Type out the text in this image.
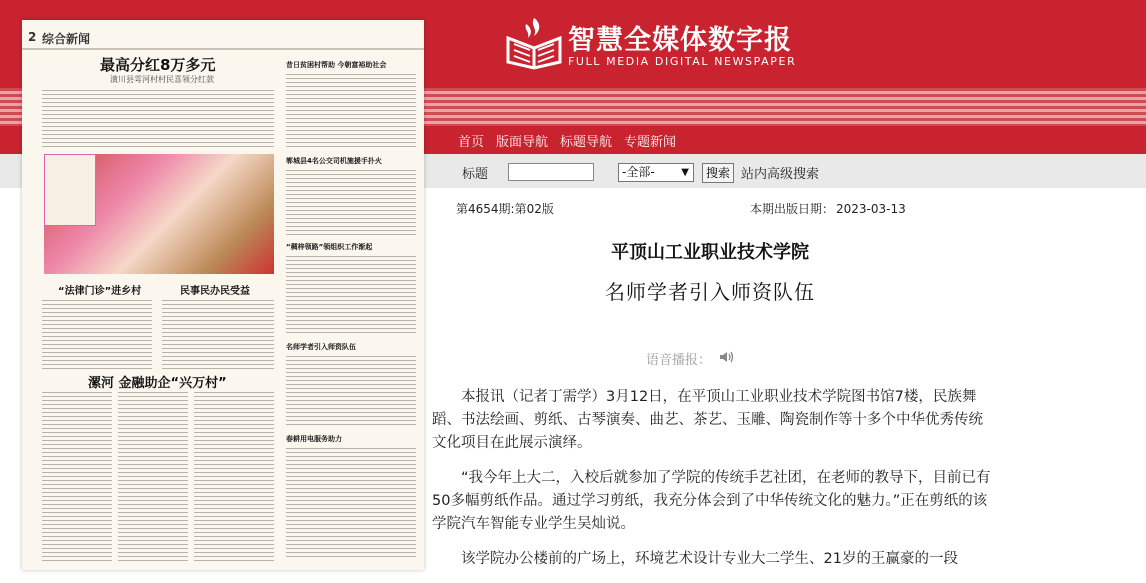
智慧全媒体数字报
FULL MEDIA DIGITAL NEWSPAPER
首页 版面导航 标题导航 专题新闻
标题	-全部-	▼	搜索 站内高级搜索
第4654期:第02版	本期出版日期： 2023-03-13
平顶山工业职业技术学院
名师学者引入师资队伍
语音播报：

本报讯（记者丁需学）3月12日，在平顶山工业职业技术学院图书馆7楼，民族舞蹈、书法绘画、剪纸、古琴演奏、曲艺、茶艺、玉雕、陶瓷制作等十多个中华优秀传统文化项目在此展示演绎。

“我今年上大二，入校后就参加了学院的传统手艺社团，在老师的教导下，目前已有50多幅剪纸作品。通过学习剪纸，我充分体会到了中华传统文化的魅力。”正在剪纸的该学院汽车智能专业学生吴灿说。

该学院办公楼前的广场上，环境艺术设计专业大二学生、21岁的王赢豪的一段

2 综合新闻
最高分红8万多元
潢川县雩河村村民喜领分红款
“法律门诊”进乡村	民事民办民受益
漯河 金融助企“兴万村”
昔日贫困村帮助 今朝富裕助社会
郸城县4名公交司机施援手扑火
“稠梓领路”领组织工作渐起
名师学者引入师资队伍
春耕用电服务助力
